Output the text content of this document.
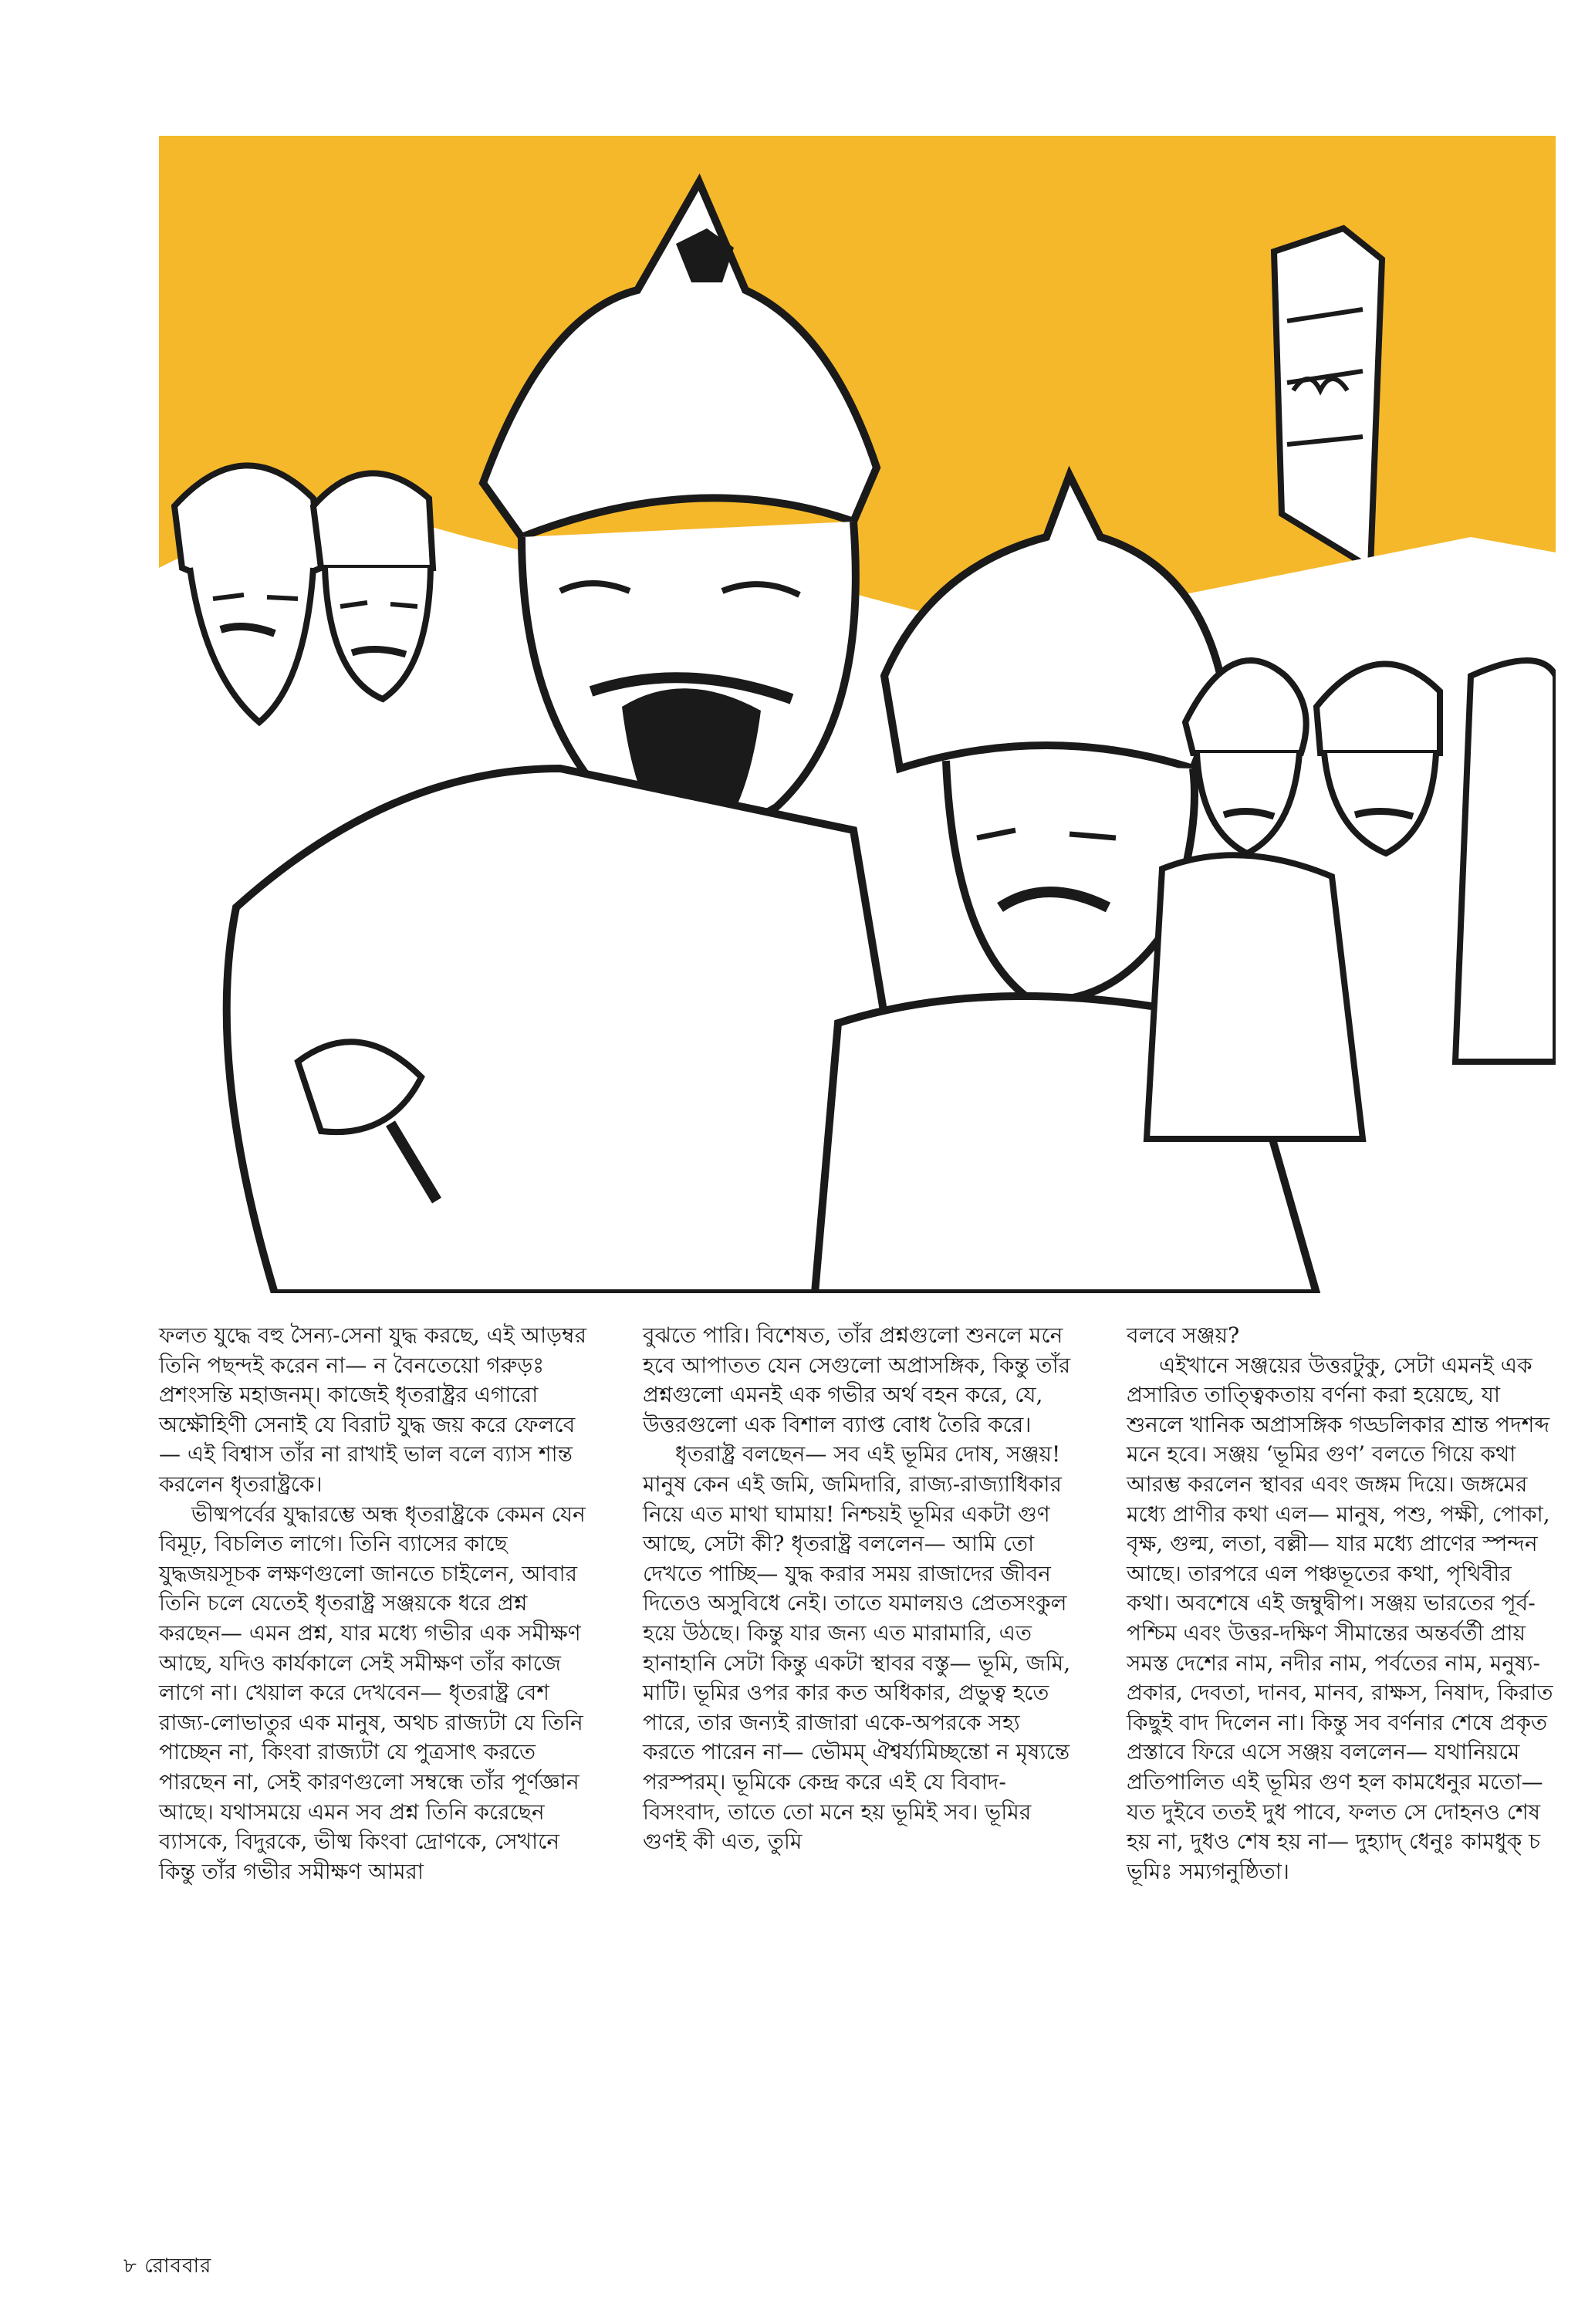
ফলত যুদ্ধে বহু সৈন্য-সেনা যুদ্ধ করছে, এই আড়ম্বর তিনি পছন্দই করেন না— ন বৈনতেয়ো গরুড়ঃ প্রশংসন্তি মহাজনম্। কাজেই ধৃতরাষ্ট্রর এগারো অক্ষৌহিণী সেনাই যে বিরাট যুদ্ধ জয় করে ফেলবে— এই বিশ্বাস তাঁর না রাখাই ভাল বলে ব্যাস শান্ত করলেন ধৃতরাষ্ট্রকে।

ভীষ্মপর্বের যুদ্ধারম্ভে অন্ধ ধৃতরাষ্ট্রকে কেমন যেন বিমূঢ়, বিচলিত লাগে। তিনি ব্যাসের কাছে যুদ্ধজয়সূচক লক্ষণগুলো জানতে চাইলেন, আবার তিনি চলে যেতেই ধৃতরাষ্ট্র সঞ্জয়কে ধরে প্রশ্ন করছেন— এমন প্রশ্ন, যার মধ্যে গভীর এক সমীক্ষণ আছে, যদিও কার্যকালে সেই সমীক্ষণ তাঁর কাজে লাগে না। খেয়াল করে দেখবেন— ধৃতরাষ্ট্র বেশ রাজ্য-লোভাতুর এক মানুষ, অথচ রাজ্যটা যে তিনি পাচ্ছেন না, কিংবা রাজ্যটা যে পুত্রসাৎ করতে পারছেন না, সেই কারণগুলো সম্বন্ধে তাঁর পূর্ণজ্ঞান আছে। যথাসময়ে এমন সব প্রশ্ন তিনি করেছেন ব্যাসকে, বিদুরকে, ভীষ্ম কিংবা দ্রোণকে, সেখানে কিন্তু তাঁর গভীর সমীক্ষণ আমরা

বুঝতে পারি। বিশেষত, তাঁর প্রশ্নগুলো শুনলে মনে হবে আপাতত যেন সেগুলো অপ্রাসঙ্গিক, কিন্তু তাঁর প্রশ্নগুলো এমনই এক গভীর অর্থ বহন করে, যে, উত্তরগুলো এক বিশাল ব্যাপ্ত বোধ তৈরি করে।

ধৃতরাষ্ট্র বলছেন— সব এই ভূমির দোষ, সঞ্জয়! মানুষ কেন এই জমি, জমিদারি, রাজ্য-রাজ্যাধিকার নিয়ে এত মাথা ঘামায়! নিশ্চয়ই ভূমির একটা গুণ আছে, সেটা কী? ধৃতরাষ্ট্র বললেন— আমি তো দেখতে পাচ্ছি— যুদ্ধ করার সময় রাজাদের জীবন দিতেও অসুবিধে নেই। তাতে যমালয়ও প্রেতসংকুল হয়ে উঠছে। কিন্তু যার জন্য এত মারামারি, এত হানাহানি সেটা কিন্তু একটা স্থাবর বস্তু— ভূমি, জমি, মাটি। ভূমির ওপর কার কত অধিকার, প্রভুত্ব হতে পারে, তার জন্যই রাজারা একে-অপরকে সহ্য করতে পারেন না— ভৌমম্ ঐশ্বর্য্যমিচ্ছন্তো ন মৃষ্যন্তে পরস্পরম্। ভূমিকে কেন্দ্র করে এই যে বিবাদ-বিসংবাদ, তাতে তো মনে হয় ভূমিই সব। ভূমির গুণই কী এত, তুমি

বলবে সঞ্জয়?

এইখানে সঞ্জয়ের উত্তরটুকু, সেটা এমনই এক প্রসারিত তাত্ত্বিকতায় বর্ণনা করা হয়েছে, যা শুনলে খানিক অপ্রাসঙ্গিক গড্ডলিকার শ্রান্ত পদশব্দ মনে হবে। সঞ্জয় ‘ভূমির গুণ’ বলতে গিয়ে কথা আরম্ভ করলেন স্থাবর এবং জঙ্গম দিয়ে। জঙ্গমের মধ্যে প্রাণীর কথা এল— মানুষ, পশু, পক্ষী, পোকা, বৃক্ষ, গুল্ম, লতা, বল্লী— যার মধ্যে প্রাণের স্পন্দন আছে। তারপরে এল পঞ্চভূতের কথা, পৃথিবীর কথা। অবশেষে এই জম্বুদ্বীপ। সঞ্জয় ভারতের পূর্ব-পশ্চিম এবং উত্তর-দক্ষিণ সীমান্তের অন্তর্বর্তী প্রায় সমস্ত দেশের নাম, নদীর নাম, পর্বতের নাম, মনুষ্য-প্রকার, দেবতা, দানব, মানব, রাক্ষস, নিষাদ, কিরাত কিছুই বাদ দিলেন না। কিন্তু সব বর্ণনার শেষে প্রকৃত প্রস্তাবে ফিরে এসে সঞ্জয় বললেন— যথানিয়মে প্রতিপালিত এই ভূমির গুণ হল কামধেনুর মতো— যত দুইবে ততই দুধ পাবে, ফলত সে দোহনও শেষ হয় না, দুধও শেষ হয় না— দুহ্যাদ্ ধেনুঃ কামধুক্ চ ভূমিঃ সম্যগনুষ্ঠিতা।

৮ রোববার
